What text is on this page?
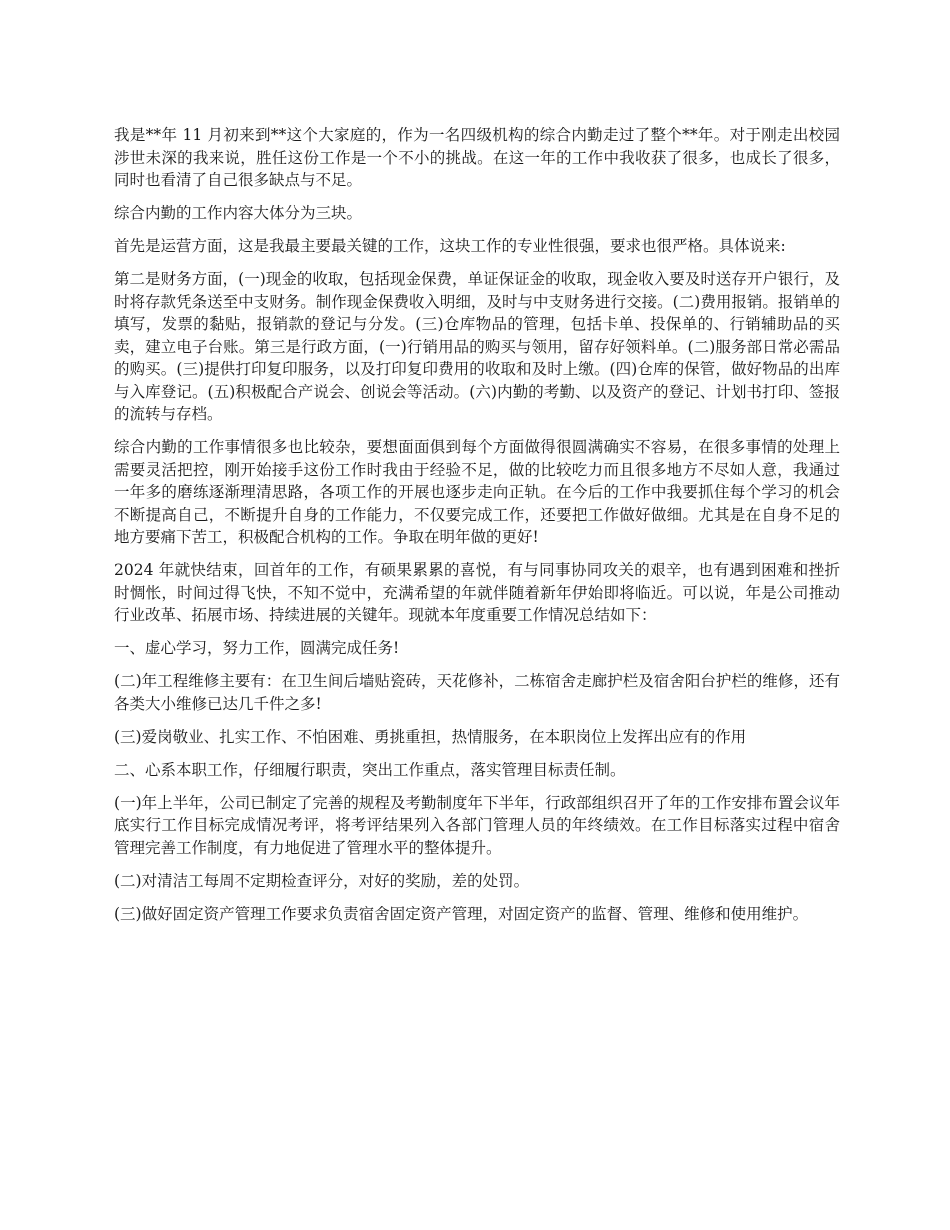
我是**年 11 月初来到**这个大家庭的，作为一名四级机构的综合内勤走过了整个**年。对于刚走出校园涉世未深的我来说，胜任这份工作是一个不小的挑战。在这一年的工作中我收获了很多，也成长了很多，同时也看清了自己很多缺点与不足。

综合内勤的工作内容大体分为三块。

首先是运营方面，这是我最主要最关键的工作，这块工作的专业性很强，要求也很严格。具体说来:

第二是财务方面，(一)现金的收取，包括现金保费，单证保证金的收取，现金收入要及时送存开户银行，及时将存款凭条送至中支财务。制作现金保费收入明细，及时与中支财务进行交接。(二)费用报销。报销单的填写，发票的黏贴，报销款的登记与分发。(三)仓库物品的管理，包括卡单、投保单的、行销辅助品的买卖，建立电子台账。第三是行政方面，(一)行销用品的购买与领用，留存好领料单。(二)服务部日常必需品的购买。(三)提供打印复印服务，以及打印复印费用的收取和及时上缴。(四)仓库的保管，做好物品的出库与入库登记。(五)积极配合产说会、创说会等活动。(六)内勤的考勤、以及资产的登记、计划书打印、签报的流转与存档。

综合内勤的工作事情很多也比较杂，要想面面俱到每个方面做得很圆满确实不容易，在很多事情的处理上需要灵活把控，刚开始接手这份工作时我由于经验不足，做的比较吃力而且很多地方不尽如人意，我通过一年多的磨练逐渐理清思路，各项工作的开展也逐步走向正轨。在今后的工作中我要抓住每个学习的机会不断提高自己，不断提升自身的工作能力，不仅要完成工作，还要把工作做好做细。尤其是在自身不足的地方要痛下苦工，积极配合机构的工作。争取在明年做的更好!

2024 年就快结束，回首年的工作，有硕果累累的喜悦，有与同事协同攻关的艰辛，也有遇到困难和挫折时惆怅，时间过得飞快，不知不觉中，充满希望的年就伴随着新年伊始即将临近。可以说，年是公司推动行业改革、拓展市场、持续进展的关键年。现就本年度重要工作情况总结如下：

一、虚心学习，努力工作，圆满完成任务!

(二)年工程维修主要有：在卫生间后墙贴瓷砖，天花修补，二栋宿舍走廊护栏及宿舍阳台护栏的维修，还有各类大小维修已达几千件之多!

(三)爱岗敬业、扎实工作、不怕困难、勇挑重担，热情服务，在本职岗位上发挥出应有的作用

二、心系本职工作，仔细履行职责，突出工作重点，落实管理目标责任制。

(一)年上半年，公司已制定了完善的规程及考勤制度年下半年，行政部组织召开了年的工作安排布置会议年底实行工作目标完成情况考评，将考评结果列入各部门管理人员的年终绩效。在工作目标落实过程中宿舍管理完善工作制度，有力地促进了管理水平的整体提升。

(二)对清洁工每周不定期检查评分，对好的奖励，差的处罚。

(三)做好固定资产管理工作要求负责宿舍固定资产管理，对固定资产的监督、管理、维修和使用维护。
